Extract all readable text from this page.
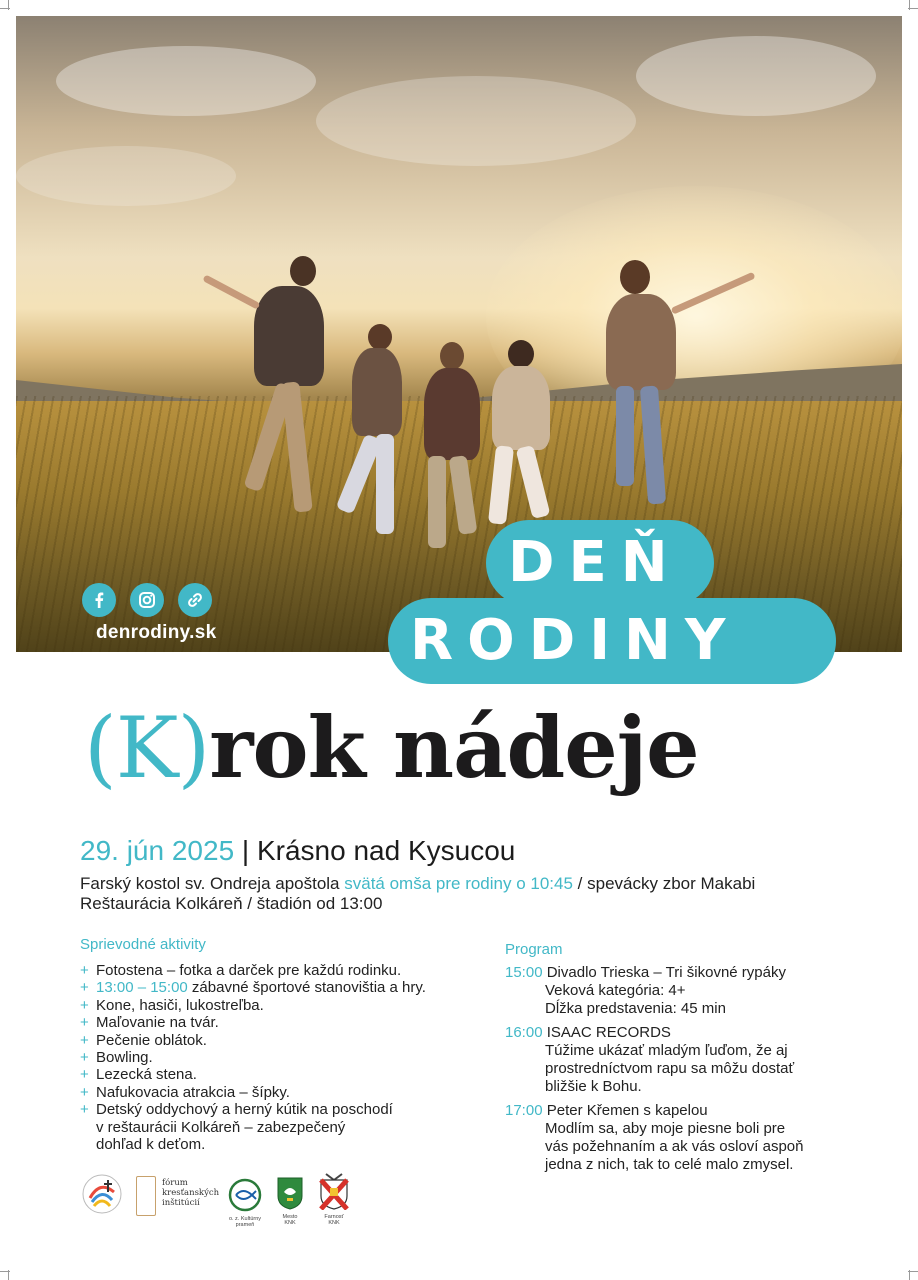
denrodiny.sk
DEŇ
RODINY
(K)rok nádeje
29. jún 2025 | Krásno nad Kysucou
Farský kostol sv. Ondreja apoštola svätá omša pre rodiny o 10:45 / spevácky zbor Makabi
Reštaurácia Kolkáreň / štadión od 13:00
Sprievodné aktivity
+ Fotostena – fotka a darček pre každú rodinku.
+ 13:00 – 15:00 zábavné športové stanovištia a hry.
+ Kone, hasiči, lukostreľba.
+ Maľovanie na tvár.
+ Pečenie oblátok.
+ Bowling.
+ Lezecká stena.
+ Nafukovacia atrakcia – šípky.
+ Detský oddychový a herný kútik na poschodí
v reštaurácii Kolkáreň – zabezpečený
dohľad k deťom.
Program
15:00 Divadlo Trieska – Tri šikovné rypáky
Veková kategória: 4+
Dĺžka predstavenia: 45 min
16:00 ISAAC RECORDS
Túžime ukázať mladým ľuďom, že aj
prostredníctvom rapu sa môžu dostať
bližšie k Bohu.
17:00 Peter Křemen s kapelou
Modlím sa, aby moje piesne boli pre
vás požehnaním a ak vás osloví aspoň
jedna z nich, tak to celé malo zmysel.
fórum
kresťanských
inštitúcií
o. z. Kultúrny
prameň
Mesto
KNK
Farnosť
KNK
